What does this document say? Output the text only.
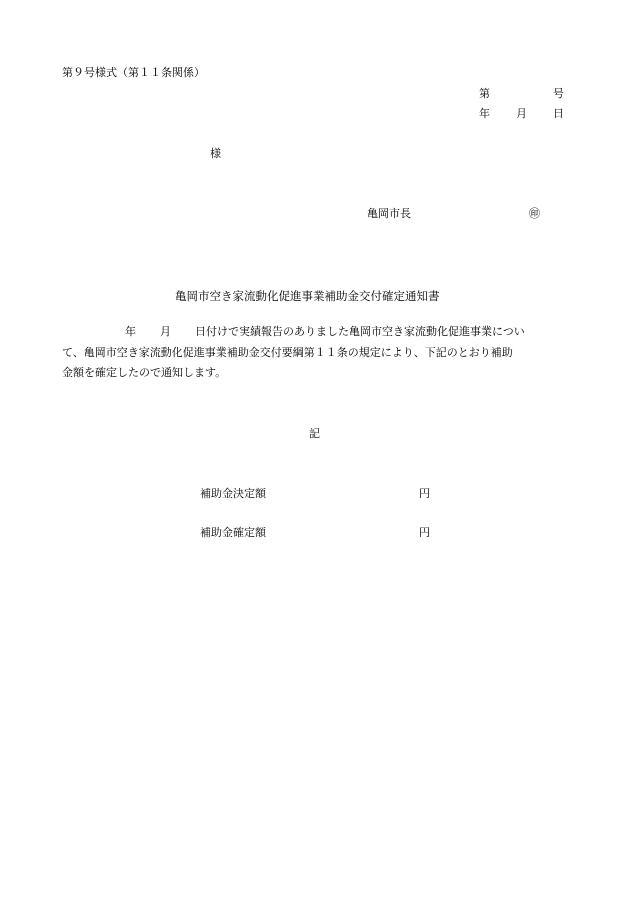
第９号様式（第１１条関係）
第	号
年 月 日
様
亀岡市長	㊞
亀岡市空き家流動化促進事業補助金交付確定通知書
年 月 日付けで実績報告のありました亀岡市空き家流動化促進事業につい
て、亀岡市空き家流動化促進事業補助金交付要綱第１１条の規定により、下記のとおり補助
金額を確定したので通知します。
記
補助金決定額	円
補助金確定額	円
